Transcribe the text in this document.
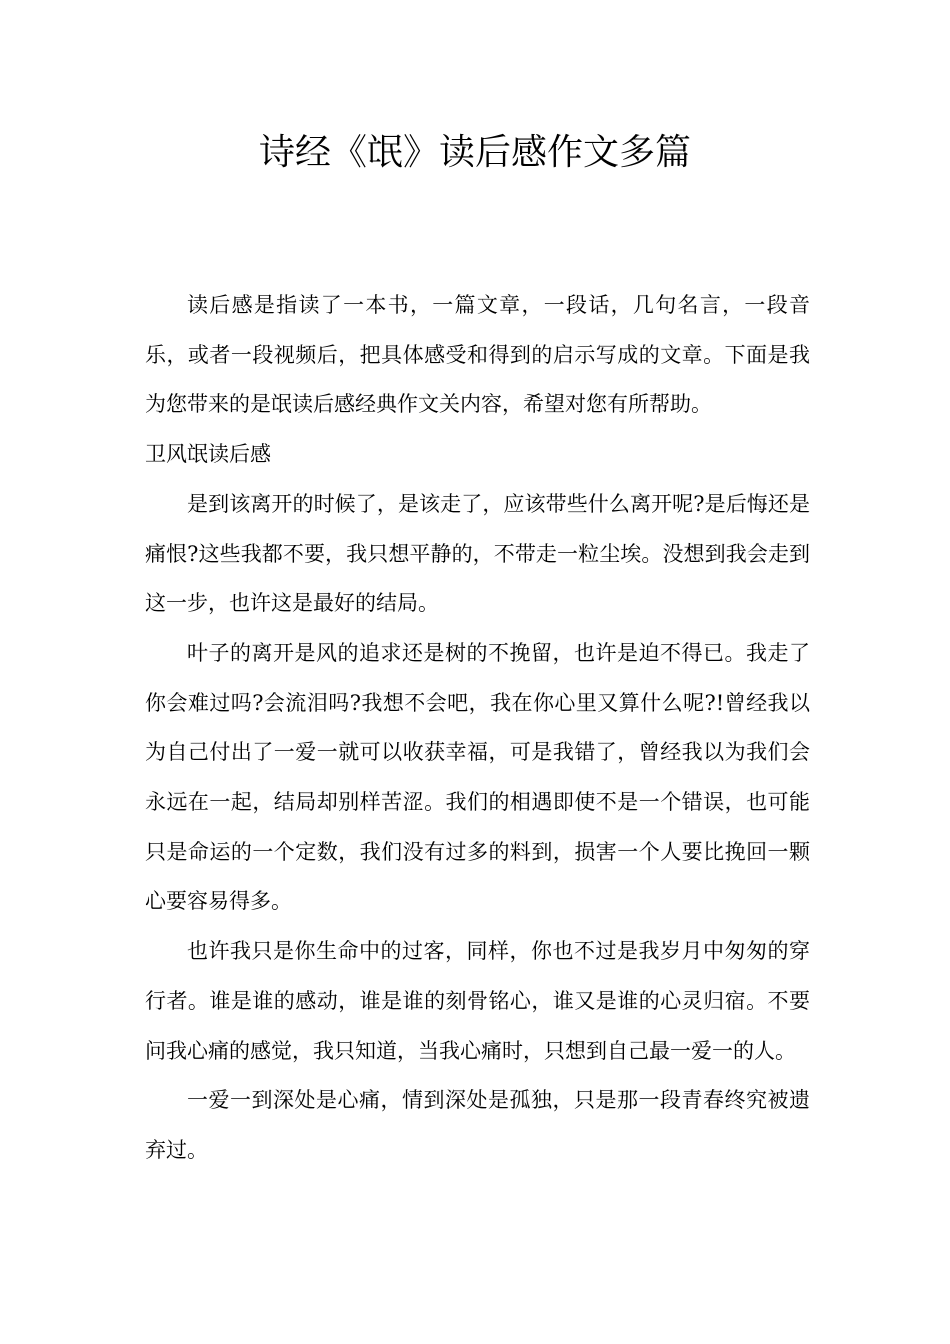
诗经《氓》读后感作文多篇

读后感是指读了一本书，一篇文章，一段话，几句名言，一段音乐，或者一段视频后，把具体感受和得到的启示写成的文章。下面是我为您带来的是氓读后感经典作文关内容，希望对您有所帮助。

卫风氓读后感

是到该离开的时候了，是该走了，应该带些什么离开呢?是后悔还是痛恨?这些我都不要，我只想平静的，不带走一粒尘埃。没想到我会走到这一步，也许这是最好的结局。

叶子的离开是风的追求还是树的不挽留，也许是迫不得已。我走了你会难过吗?会流泪吗?我想不会吧，我在你心里又算什么呢?!曾经我以为自己付出了一爱一就可以收获幸福，可是我错了，曾经我以为我们会永远在一起，结局却别样苦涩。我们的相遇即使不是一个错误，也可能只是命运的一个定数，我们没有过多的料到，损害一个人要比挽回一颗心要容易得多。

也许我只是你生命中的过客，同样，你也不过是我岁月中匆匆的穿行者。谁是谁的感动，谁是谁的刻骨铭心，谁又是谁的心灵归宿。不要问我心痛的感觉，我只知道，当我心痛时，只想到自己最一爱一的人。

一爱一到深处是心痛，情到深处是孤独，只是那一段青春终究被遗弃过。
